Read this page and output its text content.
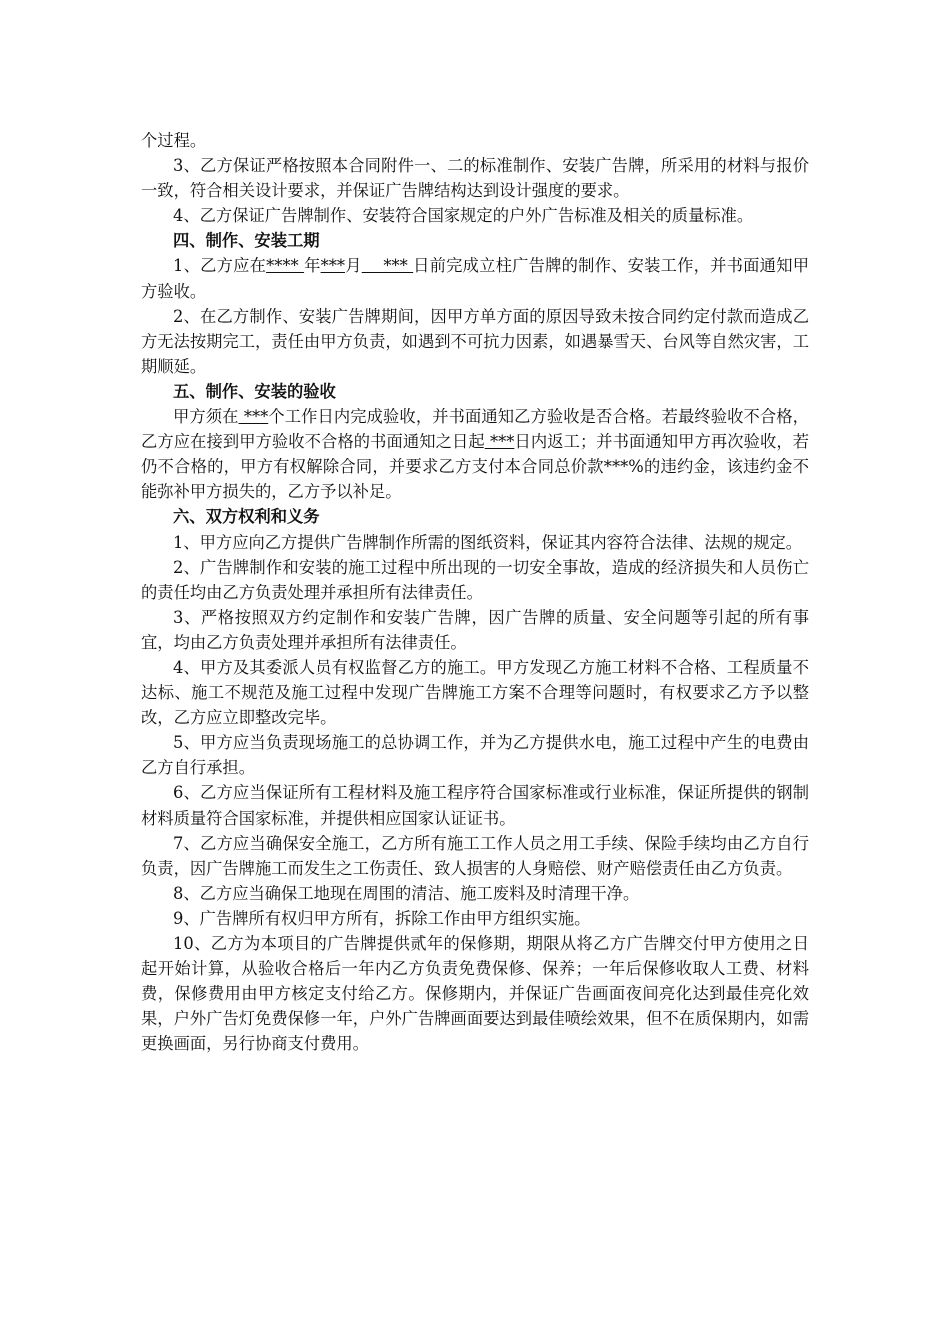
个过程。

3、乙方保证严格按照本合同附件一、二的标准制作、安装广告牌，所采用的材料与报价一致，符合相关设计要求，并保证广告牌结构达到设计强度的要求。

4、乙方保证广告牌制作、安装符合国家规定的户外广告标准及相关的质量标准。

四、制作、安装工期

1、乙方应在**** 年***月    *** 日前完成立柱广告牌的制作、安装工作，并书面通知甲方验收。

2、在乙方制作、安装广告牌期间，因甲方单方面的原因导致未按合同约定付款而造成乙方无法按期完工，责任由甲方负责，如遇到不可抗力因素，如遇暴雪天、台风等自然灾害，工期顺延。

五、制作、安装的验收

甲方须在 ***个工作日内完成验收，并书面通知乙方验收是否合格。若最终验收不合格，乙方应在接到甲方验收不合格的书面通知之日起 ***日内返工；并书面通知甲方再次验收，若仍不合格的，甲方有权解除合同，并要求乙方支付本合同总价款***%的违约金，该违约金不能弥补甲方损失的，乙方予以补足。

六、双方权利和义务

1、甲方应向乙方提供广告牌制作所需的图纸资料，保证其内容符合法律、法规的规定。

2、广告牌制作和安装的施工过程中所出现的一切安全事故，造成的经济损失和人员伤亡的责任均由乙方负责处理并承担所有法律责任。

3、严格按照双方约定制作和安装广告牌，因广告牌的质量、安全问题等引起的所有事宜，均由乙方负责处理并承担所有法律责任。

4、甲方及其委派人员有权监督乙方的施工。甲方发现乙方施工材料不合格、工程质量不达标、施工不规范及施工过程中发现广告牌施工方案不合理等问题时，有权要求乙方予以整改，乙方应立即整改完毕。

5、甲方应当负责现场施工的总协调工作，并为乙方提供水电，施工过程中产生的电费由乙方自行承担。

6、乙方应当保证所有工程材料及施工程序符合国家标准或行业标准，保证所提供的钢制材料质量符合国家标准，并提供相应国家认证证书。

7、乙方应当确保安全施工，乙方所有施工工作人员之用工手续、保险手续均由乙方自行负责，因广告牌施工而发生之工伤责任、致人损害的人身赔偿、财产赔偿责任由乙方负责。

8、乙方应当确保工地现在周围的清洁、施工废料及时清理干净。

9、广告牌所有权归甲方所有，拆除工作由甲方组织实施。

10、乙方为本项目的广告牌提供贰年的保修期，期限从将乙方广告牌交付甲方使用之日起开始计算，从验收合格后一年内乙方负责免费保修、保养；一年后保修收取人工费、材料费，保修费用由甲方核定支付给乙方。保修期内，并保证广告画面夜间亮化达到最佳亮化效果，户外广告灯免费保修一年，户外广告牌画面要达到最佳喷绘效果，但不在质保期内，如需更换画面，另行协商支付费用。
